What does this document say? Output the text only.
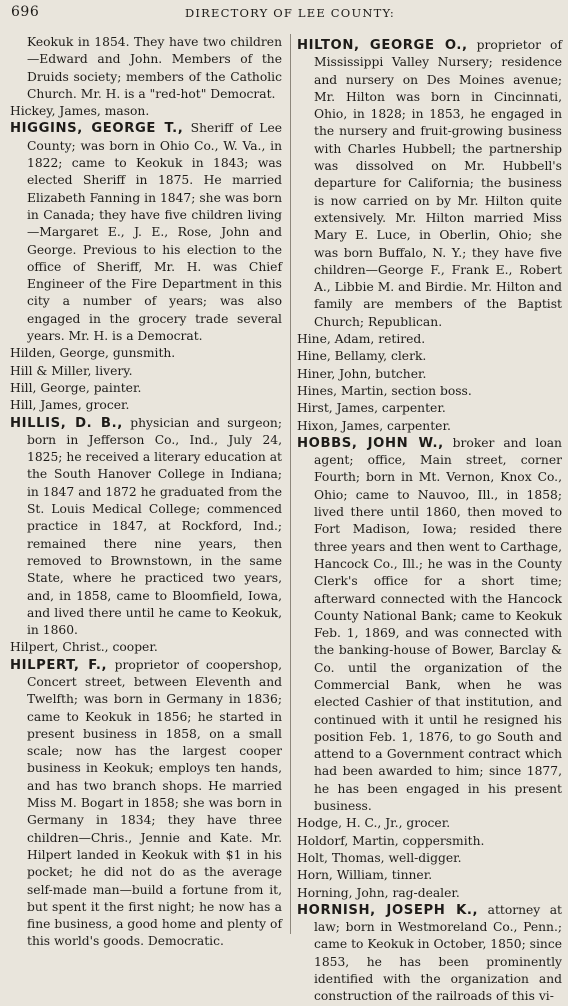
696	DIRECTORY OF LEE COUNTY:

Keokuk in 1854. They have two children—Edward and John. Members of the Druids society; members of the Catholic Church. Mr. H. is a "red-hot" Democrat.

Hickey, James, mason.

HIGGINS, GEORGE T., Sheriff of Lee County; was born in Ohio Co., W. Va., in 1822; came to Keokuk in 1843; was elected Sheriff in 1875. He married Elizabeth Fanning in 1847; she was born in Canada; they have five children living—Margaret E., J. E., Rose, John and George. Previous to his election to the office of Sheriff, Mr. H. was Chief Engineer of the Fire Department in this city a number of years; was also engaged in the grocery trade several years. Mr. H. is a Democrat.

Hilden, George, gunsmith.

Hill & Miller, livery.

Hill, George, painter.

Hill, James, grocer.

HILLIS, D. B., physician and surgeon; born in Jefferson Co., Ind., July 24, 1825; he received a literary education at the South Hanover College in Indiana; in 1847 and 1872 he graduated from the St. Louis Medical College; commenced practice in 1847, at Rockford, Ind.; remained there nine years, then removed to Brownstown, in the same State, where he practiced two years, and, in 1858, came to Bloomfield, Iowa, and lived there until he came to Keokuk, in 1860.

Hilpert, Christ., cooper.

HILPERT, F., proprietor of coopershop, Concert street, between Eleventh and Twelfth; was born in Germany in 1836; came to Keokuk in 1856; he started in present business in 1858, on a small scale; now has the largest cooper business in Keokuk; employs ten hands, and has two branch shops. He married Miss M. Bogart in 1858; she was born in Germany in 1834; they have three children—Chris., Jennie and Kate. Mr. Hilpert landed in Keokuk with $1 in his pocket; he did not do as the average self-made man—build a fortune from it, but spent it the first night; he now has a fine business, a good home and plenty of this world's goods. Democratic.

HILTON, GEORGE O., proprietor of Mississippi Valley Nursery; residence and nursery on Des Moines avenue; Mr. Hilton was born in Cincinnati, Ohio, in 1828; in 1853, he engaged in the nursery and fruit-growing business with Charles Hubbell; the partnership was dissolved on Mr. Hubbell's departure for California; the business is now carried on by Mr. Hilton quite extensively. Mr. Hilton married Miss Mary E. Luce, in Oberlin, Ohio; she was born Buffalo, N. Y.; they have five children—George F., Frank E., Robert A., Libbie M. and Birdie. Mr. Hilton and family are members of the Baptist Church; Republican.

Hine, Adam, retired.

Hine, Bellamy, clerk.

Hiner, John, butcher.

Hines, Martin, section boss.

Hirst, James, carpenter.

Hixon, James, carpenter.

HOBBS, JOHN W., broker and loan agent; office, Main street, corner Fourth; born in Mt. Vernon, Knox Co., Ohio; came to Nauvoo, Ill., in 1858; lived there until 1860, then moved to Fort Madison, Iowa; resided there three years and then went to Carthage, Hancock Co., Ill.; he was in the County Clerk's office for a short time; afterward connected with the Hancock County National Bank; came to Keokuk Feb. 1, 1869, and was connected with the banking-house of Bower, Barclay & Co. until the organization of the Commercial Bank, when he was elected Cashier of that institution, and continued with it until he resigned his position Feb. 1, 1876, to go South and attend to a Government contract which had been awarded to him; since 1877, he has been engaged in his present business.

Hodge, H. C., Jr., grocer.

Holdorf, Martin, coppersmith.

Holt, Thomas, well-digger.

Horn, William, tinner.

Horning, John, rag-dealer.

HORNISH, JOSEPH K., attorney at law; born in Westmoreland Co., Penn.; came to Keokuk in October, 1850; since 1853, he has been prominently identified with the organization and construction of the railroads of this vi-
